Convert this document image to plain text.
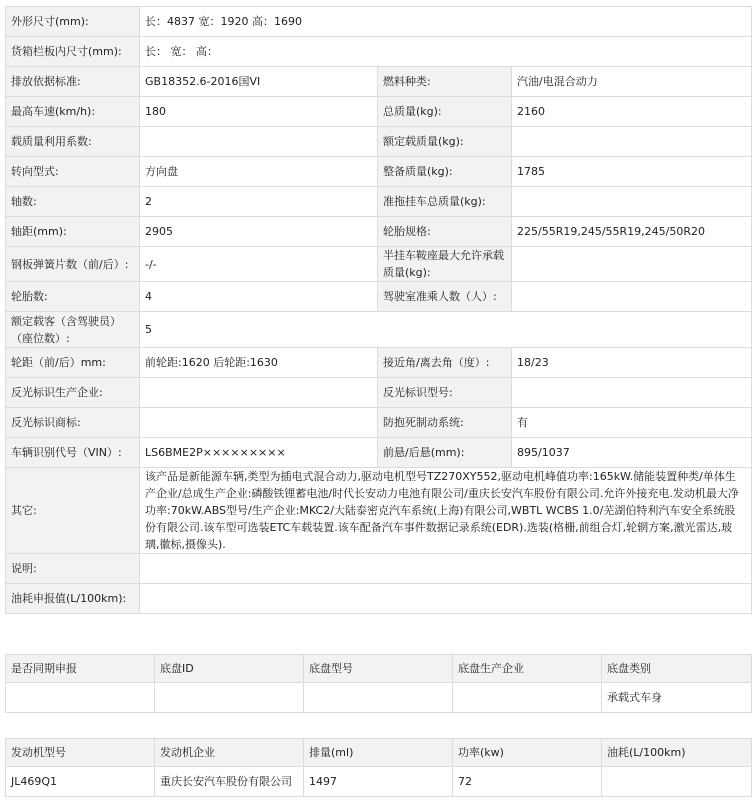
外形尺寸(mm):	长：4837 宽：1920 高：1690		
货箱栏板内尺寸(mm):	长： 宽： 高：		
排放依据标准:	GB18352.6-2016国VI	燃料种类:	汽油/电混合动力
最高车速(km/h):	180	总质量(kg):	2160
载质量利用系数:		额定载质量(kg):	
转向型式:	方向盘	整备质量(kg):	1785
轴数:	2	准拖挂车总质量(kg):	
轴距(mm):	2905	轮胎规格:	225/55R19,245/55R19,245/50R20
钢板弹簧片数（前/后）:	-/-	半挂车鞍座最大允许承载质量(kg):	
轮胎数:	4	驾驶室准乘人数（人）:	
额定载客（含驾驶员）（座位数）:	5		
轮距（前/后）mm:	前轮距:1620 后轮距:1630	接近角/离去角（度）:	18/23
反光标识生产企业:		反光标识型号:	
反光标识商标:		防抱死制动系统:	有
车辆识别代号（VIN）:	LS6BME2P×××××××××	前悬/后悬(mm):	895/1037
其它:	该产品是新能源车辆,类型为插电式混合动力,驱动电机型号TZ270XY552,驱动电机峰值功率:165kW.储能装置种类/单体生产企业/总成生产企业:磷酸铁锂蓄电池/时代长安动力电池有限公司/重庆长安汽车股份有限公司.允许外接充电.发动机最大净功率:70kW.ABS型号/生产企业:MKC2/大陆泰密克汽车系统(上海)有限公司,WBTL WCBS 1.0/芜湖伯特利汽车安全系统股份有限公司.该车型可选装ETC车载装置.该车配备汽车事件数据记录系统(EDR).选装(格栅,前组合灯,轮辋方案,激光雷达,玻璃,徽标,摄像头).		
说明:			
油耗申报值(L/100km):			
是否同期申报	底盘ID	底盘型号	底盘生产企业	底盘类别
				承载式车身
发动机型号	发动机企业	排量(ml)	功率(kw)	油耗(L/100km)
JL469Q1	重庆长安汽车股份有限公司	1497	72	
